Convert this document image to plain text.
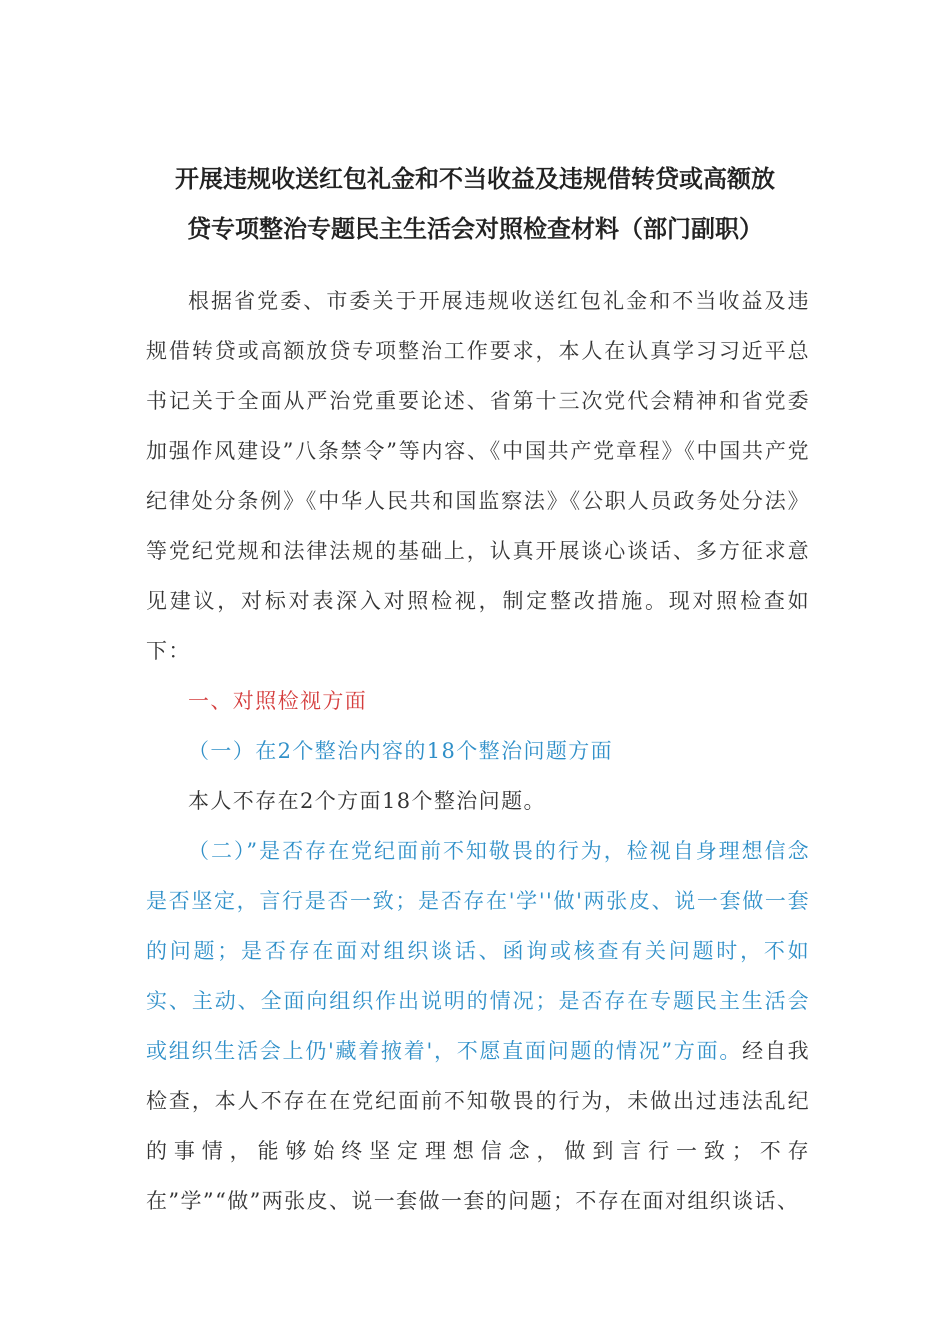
开展违规收送红包礼金和不当收益及违规借转贷或高额放
贷专项整治专题民主生活会对照检查材料（部门副职）

根据省党委、市委关于开展违规收送红包礼金和不当收益及违规借转贷或高额放贷专项整治工作要求，本人在认真学习习近平总书记关于全面从严治党重要论述、省第十三次党代会精神和省党委加强作风建设”八条禁令”等内容、《中国共产党章程》《中国共产党纪律处分条例》《中华人民共和国监察法》《公职人员政务处分法》等党纪党规和法律法规的基础上，认真开展谈心谈话、多方征求意见建议，对标对表深入对照检视，制定整改措施。现对照检查如下：

一、对照检视方面

（一）在2个整治内容的18个整治问题方面

本人不存在2个方面18个整治问题。

（二）”是否存在党纪面前不知敬畏的行为，检视自身理想信念是否坚定，言行是否一致；是否存在'学''做'两张皮、说一套做一套的问题；是否存在面对组织谈话、函询或核查有关问题时，不如实、主动、全面向组织作出说明的情况；是否存在专题民主生活会或组织生活会上仍'藏着掖着'，不愿直面问题的情况”方面。经自我检查，本人不存在在党纪面前不知敬畏的行为，未做出过违法乱纪的事情，能够始终坚定理想信念，做到言行一致；不存在”学”“做”两张皮、说一套做一套的问题；不存在面对组织谈话、
